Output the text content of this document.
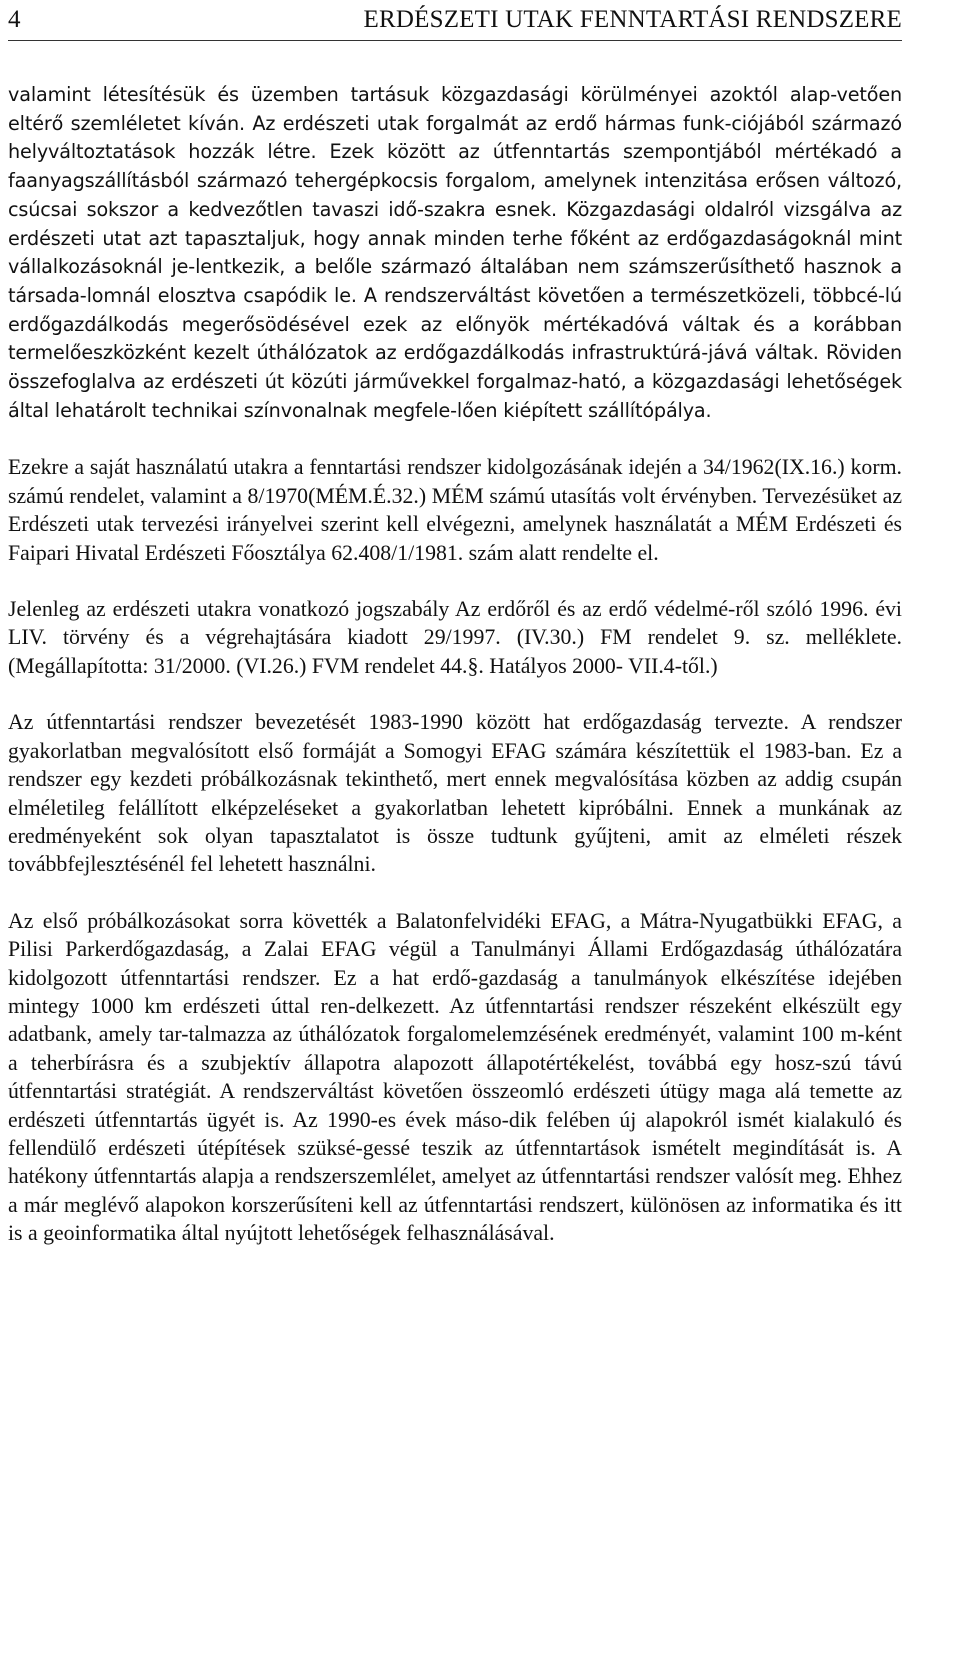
4	ERDÉSZETI UTAK FENNTARTÁSI RENDSZERE

valamint létesítésük és üzemben tartásuk közgazdasági körülményei azoktól alap-vetően eltérő szemléletet kíván. Az erdészeti utak forgalmát az erdő hármas funk-ciójából származó helyváltoztatások hozzák létre. Ezek között az útfenntartás szempontjából mértékadó a faanyagszállításból származó tehergépkocsis forgalom, amelynek intenzitása erősen változó, csúcsai sokszor a kedvezőtlen tavaszi idő-szakra esnek. Közgazdasági oldalról vizsgálva az erdészeti utat azt tapasztaljuk, hogy annak minden terhe főként az erdőgazdaságoknál mint vállalkozásoknál je-lentkezik, a belőle származó általában nem számszerűsíthető hasznok a társada-lomnál elosztva csapódik le. A rendszerváltást követően a természetközeli, többcé-lú erdőgazdálkodás megerősödésével ezek az előnyök mértékadóvá váltak és a korábban termelőeszközként kezelt úthálózatok az erdőgazdálkodás infrastruktúrá-jává váltak. Röviden összefoglalva az erdészeti út közúti járművekkel forgalmaz-ható, a közgazdasági lehetőségek által lehatárolt technikai színvonalnak megfele-lően kiépített szállítópálya.

Ezekre a saját használatú utakra a fenntartási rendszer kidolgozásának idején a 34/1962(IX.16.) korm. számú rendelet, valamint a 8/1970(MÉM.É.32.) MÉM számú utasítás volt érvényben. Tervezésüket az Erdészeti utak tervezési irányelvei szerint kell elvégezni, amelynek használatát a MÉM Erdészeti és Faipari Hivatal Erdészeti Főosztálya 62.408/1/1981. szám alatt rendelte el.

Jelenleg az erdészeti utakra vonatkozó jogszabály Az erdőről és az erdő védelmé-ről szóló 1996. évi LIV. törvény és a végrehajtására kiadott 29/1997. (IV.30.) FM rendelet 9. sz. melléklete. (Megállapította: 31/2000. (VI.26.) FVM rendelet 44.§. Hatályos 2000- VII.4-től.)

Az útfenntartási rendszer bevezetését 1983-1990 között hat erdőgazdaság tervezte. A rendszer gyakorlatban megvalósított első formáját a Somogyi EFAG számára készítettük el 1983-ban. Ez a rendszer egy kezdeti próbálkozásnak tekinthető, mert ennek megvalósítása közben az addig csupán elméletileg felállított elképzeléseket a gyakorlatban lehetett kipróbálni. Ennek a munkának az eredményeként sok olyan tapasztalatot is össze tudtunk gyűjteni, amit az elméleti részek továbbfejlesztésénél fel lehetett használni.

Az első próbálkozásokat sorra követték a Balatonfelvidéki EFAG, a Mátra-Nyugatbükki EFAG, a Pilisi Parkerdőgazdaság, a Zalai EFAG végül a Tanulmányi Állami Erdőgazdaság úthálózatára kidolgozott útfenntartási rendszer. Ez a hat erdő-gazdaság a tanulmányok elkészítése idejében mintegy 1000 km erdészeti úttal ren-delkezett. Az útfenntartási rendszer részeként elkészült egy adatbank, amely tar-talmazza az úthálózatok forgalomelemzésének eredményét, valamint 100 m-ként a teherbírásra és a szubjektív állapotra alapozott állapotértékelést, továbbá egy hosz-szú távú útfenntartási stratégiát. A rendszerváltást követően összeomló erdészeti útügy maga alá temette az erdészeti útfenntartás ügyét is. Az 1990-es évek máso-dik felében új alapokról ismét kialakuló és fellendülő erdészeti útépítések szüksé-gessé teszik az útfenntartások ismételt megindítását is. A hatékony útfenntartás alapja a rendszerszemlélet, amelyet az útfenntartási rendszer valósít meg. Ehhez a már meglévő alapokon korszerűsíteni kell az útfenntartási rendszert, különösen az informatika és itt is a geoinformatika által nyújtott lehetőségek felhasználásával.
